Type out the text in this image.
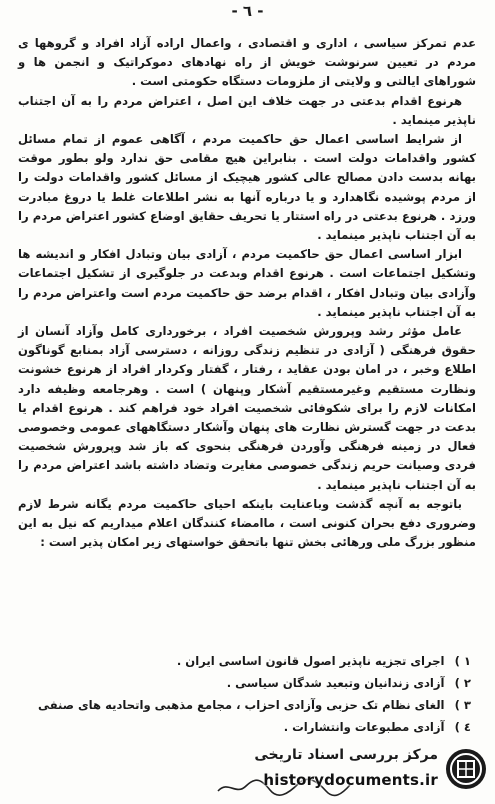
- ٦ -

عدم تمرکز سیاسی ، اداری و اقتصادی ، واعمال اراده آزاد افراد و گروهها ی مردم در تعیین سرنوشت خویش از راه نهادهای دموکراتیک و انجمن ها و شوراهای ایالتی و ولایتی از ملزومات دستگاه حکومتی است .

هرنوع اقدام بدعتی در جهت خلاف این اصل ، اعتراض مردم را به آن اجتناب ناپذیر مینماید .

از شرایط اساسی اعمال حق حاکمیت مردم ، آگاهی عموم از تمام مسائل کشور واقدامات دولت است . بنابراین هیچ مقامی حق ندارد ولو بطور موقت بهانه بدست دادن مصالح عالی کشور هیچیک از مسائل کشور واقدامات دولت را از مردم پوشیده نگاهدارد و یا درباره آنها به نشر اطلاعات غلط یا دروغ مبادرت ورزد . هرنوع بدعتی در راه استتار یا تحریف حقایق اوضاع کشور اعتراض مردم را به آن اجتناب ناپذیر مینماید .

ابزار اساسی اعمال حق حاکمیت مردم ، آزادی بیان وتبادل افکار و اندیشه ها وتشکیل اجتماعات است . هرنوع اقدام وبدعت در جلوگیری از تشکیل اجتماعات وآزادی بیان وتبادل افکار ، اقدام برضد حق حاکمیت مردم است واعتراض مردم را به آن اجتناب ناپذیر مینماید .

عامل مؤثر رشد وپرورش شخصیت افراد ، برخورداری کامل وآزاد آنسان از حقوق فرهنگی ( آزادی در تنظیم زندگی روزانه ، دسترسی آزاد بمنابع گوناگون اطلاع وخبر ، در امان بودن عقاید ، رفتار ، گفتار وکردار افراد از هرنوع خشونت ونظارت مستقیم وغیرمستقیم آشکار وپنهان ) است . وهرجامعه وظیفه دارد امکانات لازم را برای شکوفائی شخصیت افراد خود فراهم کند . هرنوع اقدام یا بدعت در جهت گسترش نظارت های پنهان وآشکار دستگاههای عمومی وخصوصی فعال در زمینه فرهنگی وآوردن فرهنگی بنحوی که باز شد وپرورش شخصیت فردی وصیانت حریم زندگی خصوصی مغایرت وتضاد داشته باشد اعتراض مردم را به آن اجتناب ناپذیر مینماید .

باتوجه به آنچه گذشت وباعنایت باینکه احیای حاکمیت مردم یگانه شرط لازم وضروری دفع بحران کنونی است ، ماامضاء کنندگان اعلام میداریم که نیل به این منظور بزرگ ملی ورهائی بخش تنها باتحقق خواستهای زیر امکان پذیر است :

١ ) اجرای تجزیه ناپذیر اصول قانون اساسی ایران .
٢ ) آزادی زندانیان وتبعید شدگان سیاسی .
٣ ) الغای نظام تک حزبی وآزادی احزاب ، مجامع مذهبی واتحادیه های صنفی
٤ ) آزادی مطبوعات وانتشارات .
مرکز بررسی اسناد تاریخی
historydocuments.ir
